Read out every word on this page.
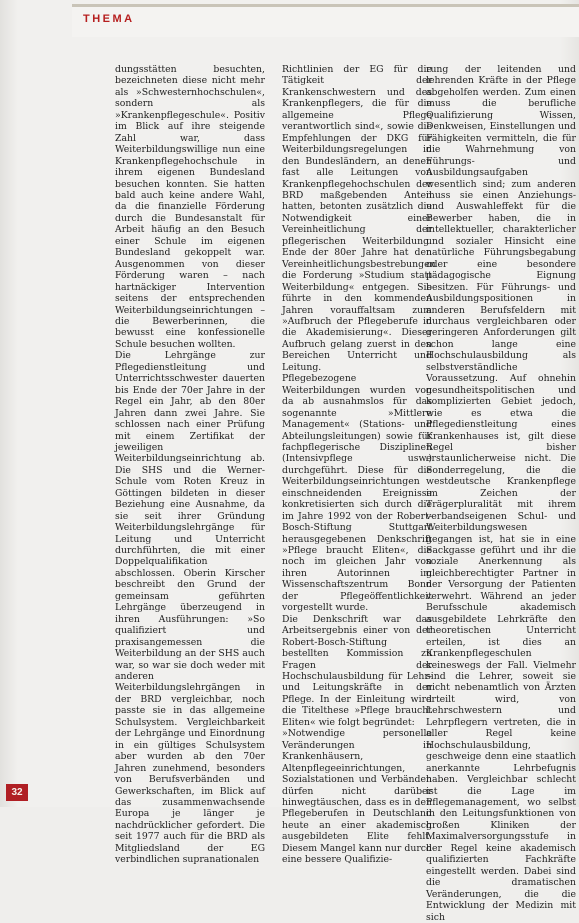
THEMA

dungsstätten besuchten, bezeichneten diese nicht mehr als »Schwesternhochschulen«, sondern als »Krankenpflegeschule«. Positiv im Blick auf ihre steigende Zahl war, dass Weiterbildungswillige nun eine Krankenpflegehochschule in ihrem eigenen Bundesland besuchen konnten. Sie hatten bald auch keine andere Wahl, da die finanzielle Förderung durch die Bundesanstalt für Arbeit häufig an den Besuch einer Schule im eigenen Bundesland gekoppelt war. Ausgenommen von dieser Förderung waren – nach hartnäckiger Intervention seitens der entsprechenden Weiterbildungseinrichtungen – die Bewerberinnen, die bewusst eine konfessionelle Schule besuchen wollten.

Die Lehrgänge zur Pflegedienstleitung und Unterrichtsschwester dauerten bis Ende der 70er Jahre in der Regel ein Jahr, ab den 80er Jahren dann zwei Jahre. Sie schlossen nach einer Prüfung mit einem Zertifikat der jeweiligen Weiterbildungseinrichtung ab. Die SHS und die Werner-Schule vom Roten Kreuz in Göttingen bildeten in dieser Beziehung eine Ausnahme, da sie seit ihrer Gründung Weiterbildungslehrgänge für Leitung und Unterricht durchführten, die mit einer Doppelqualifikation abschlossen. Oberin Kirscher beschreibt den Grund der gemeinsam geführten Lehrgänge überzeugend in ihren Ausführungen: »So qualifiziert und praxisangemessen die Weiterbildung an der SHS auch war, so war sie doch weder mit anderen Weiterbildungslehrgängen in der BRD vergleichbar, noch passte sie in das allgemeine Schulsystem. Vergleichbarkeit der Lehrgänge und Einordnung in ein gültiges Schulsystem aber wurden ab den 70er Jahren zunehmend, besonders von Berufsverbänden und Gewerkschaften, im Blick auf das zusammenwachsende Europa je länger je nachdrücklicher gefordert. Die seit 1977 auch für die BRD als Mitgliedsland der EG verbindlichen supranationalen

Richtlinien der EG für die Tätigkeit der Krankenschwestern und des Krankenpflegers, die für die allgemeine Pflege verantwortlich sind«, sowie die Empfehlungen der DKG für Weiterbildungsregelungen in den Bundesländern, an denen fast alle Leitungen von Krankenpflegehochschulen der BRD maßgebenden Anteil hatten, betonten zusätzlich die Notwendigkeit einer Vereinheitlichung der pflegerischen Weiterbildung. Ende der 80er Jahre hat den Vereinheitlichungsbestrebungen die Forderung »Studium statt Weiterbildung« entgegen. Sie führte in den kommenden Jahren vorauffaltsam zum »Aufbruch der Pflegeberufe in die Akademisierung«. Dieser Aufbruch gelang zuerst in den Bereichen Unterricht und Leitung.

Pflegebezogene Weiterbildungen wurden von da ab ausnahmslos für das sogenannte »Mittlere Management« (Stations- und Abteilungsleitungen) sowie für fachpflegerische Disziplinen (Intensivpflege usw.) durchgeführt. Diese für die Weiterbildungseinrichtungen einschneidenden Ereignisse konkretisierten sich durch die im Jahre 1992 von der Robert-Bosch-Stiftung Stuttgart herausgegebenen Denkschrift »Pflege braucht Eliten«, die noch im gleichen Jahr von ihren Autorinnen im Wissenschaftszentrum Bonn der Pflegeöffentlichkeit vorgestellt wurde.

Die Denkschrift war das Arbeitsergebnis einer von der Robert-Bosch-Stiftung bestellten Kommission zu Fragen der Hochschulausbildung für Lehr- und Leitungskräfte in der Pflege. In der Einleitung wird die Titelthese »Pflege braucht Eliten« wie folgt begründet:

»Notwendige personelle Veränderungen in Krankenhäusern, Altenpflegeeinrichtungen, Sozialstationen und Verbänden dürfen nicht darüber hinwegtäuschen, dass es in den Pflegeberufen in Deutschland heute an einer akademisch ausgebildeten Elite fehlt. Diesem Mangel kann nur durch eine bessere Qualifizie-

rung der leitenden und lehrenden Kräfte in der Pflege abgeholfen werden. Zum einen muss die berufliche Qualifizierung Wissen, Denkweisen, Einstellungen und Fähigkeiten vermitteln, die für die Wahrnehmung von Führungs- und Ausbildungsaufgaben wesentlich sind; zum anderen muss sie einen Anziehungs- und Auswahleffekt für die Bewerber haben, die in intellektueller, charakterlicher und sozialer Hinsicht eine natürliche Führungsbegabung oder eine besondere pädagogische Eignung besitzen. Für Führungs- und Ausbildungspositionen in anderen Berufsfeldern mit durchaus vergleichbaren oder geringeren Anforderungen gilt schon lange eine Hochschulausbildung als selbstverständliche Voraussetzung. Auf ohnehin gesundheitspolitischen und komplizierten Gebiet jedoch, wie es etwa die Pflegedienstleitung eines Krankenhauses ist, gilt diese Regel bisher erstaunlicherweise nicht. Die Sonderregelung, die die westdeutsche Krankenpflege im Zeichen der Trägerpluralität mit ihrem verbandseigenen Schul- und Weiterbildungswesen gegangen ist, hat sie in eine Sackgasse geführt und ihr die soziale Anerkennung als gleichberechtigter Partner in der Versorgung der Patienten verwehrt. Während an jeder Berufsschule akademisch ausgebildete Lehrkräfte den theoretischen Unterricht erteilen, ist dies an Krankenpflegeschulen keineswegs der Fall. Vielmehr sind die Lehrer, soweit sie nicht nebenamtlich von Ärzten erteilt wird, von Lehrschwestern und Lehrpflegern vertreten, die in aller Regel keine Hochschulausbildung, geschweige denn eine staatlich anerkannte Lehrbefugnis haben. Vergleichbar schlecht ist die Lage im Pflegemanagement, wo selbst in den Leitungsfunktionen von großen Kliniken der Maximalversorgungsstufe in der Regel keine akademisch qualifizierten Fachkräfte eingestellt werden. Dabei sind die dramatischen Veränderungen, die die Entwicklung der Medizin mit sich

32
